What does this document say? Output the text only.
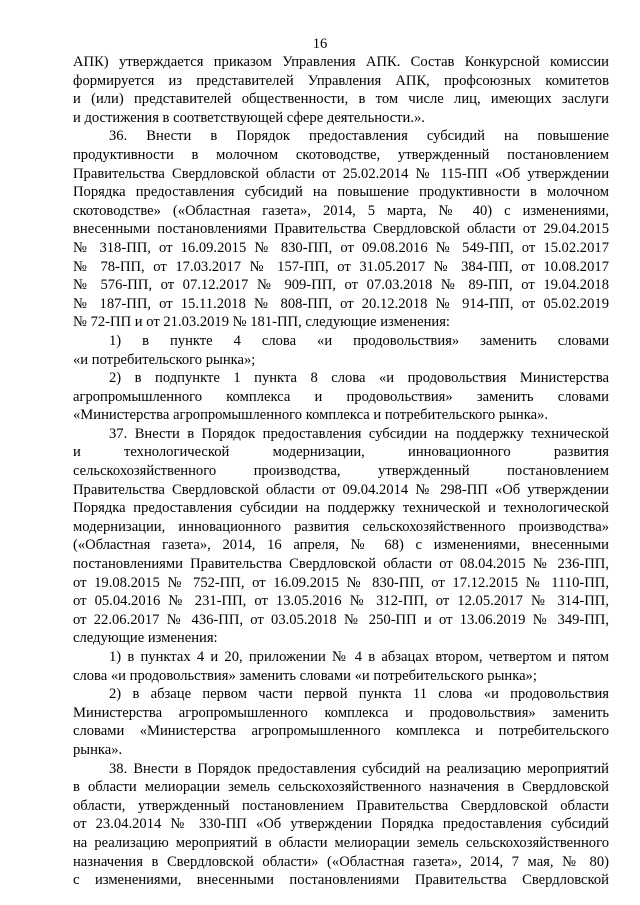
16
АПК) утверждается приказом Управления АПК. Состав Конкурсной комиссии
формируется из представителей Управления АПК, профсоюзных комитетов
и (или) представителей общественности, в том числе лиц, имеющих заслуги
и достижения в соответствующей сфере деятельности.».
36. Внести в Порядок предоставления субсидий на повышение
продуктивности в молочном скотоводстве, утвержденный постановлением
Правительства Свердловской области от 25.02.2014 № 115-ПП «Об утверждении
Порядка предоставления субсидий на повышение продуктивности в молочном
скотоводстве» («Областная газета», 2014, 5 марта, № 40) с изменениями,
внесенными постановлениями Правительства Свердловской области от 29.04.2015
№ 318-ПП, от 16.09.2015 № 830-ПП, от 09.08.2016 № 549-ПП, от 15.02.2017
№ 78-ПП, от 17.03.2017 № 157-ПП, от 31.05.2017 № 384-ПП, от 10.08.2017
№ 576-ПП, от 07.12.2017 № 909-ПП, от 07.03.2018 № 89-ПП, от 19.04.2018
№ 187-ПП, от 15.11.2018 № 808-ПП, от 20.12.2018 № 914-ПП, от 05.02.2019
№ 72-ПП и от 21.03.2019 № 181-ПП, следующие изменения:
1) в пункте 4 слова «и продовольствия» заменить словами
«и потребительского рынка»;
2) в подпункте 1 пункта 8 слова «и продовольствия Министерства
агропромышленного комплекса и продовольствия» заменить словами
«Министерства агропромышленного комплекса и потребительского рынка».
37. Внести в Порядок предоставления субсидии на поддержку технической
и технологической модернизации, инновационного развития
сельскохозяйственного производства, утвержденный постановлением
Правительства Свердловской области от 09.04.2014 № 298-ПП «Об утверждении
Порядка предоставления субсидии на поддержку технической и технологической
модернизации, инновационного развития сельскохозяйственного производства»
(«Областная газета», 2014, 16 апреля, № 68) с изменениями, внесенными
постановлениями Правительства Свердловской области от 08.04.2015 № 236-ПП,
от 19.08.2015 № 752-ПП, от 16.09.2015 № 830-ПП, от 17.12.2015 № 1110-ПП,
от 05.04.2016 № 231-ПП, от 13.05.2016 № 312-ПП, от 12.05.2017 № 314-ПП,
от 22.06.2017 № 436-ПП, от 03.05.2018 № 250-ПП и от 13.06.2019 № 349-ПП,
следующие изменения:
1) в пунктах 4 и 20, приложении № 4 в абзацах втором, четвертом и пятом
слова «и продовольствия» заменить словами «и потребительского рынка»;
2) в абзаце первом части первой пункта 11 слова «и продовольствия
Министерства агропромышленного комплекса и продовольствия» заменить
словами «Министерства агропромышленного комплекса и потребительского
рынка».
38. Внести в Порядок предоставления субсидий на реализацию мероприятий
в области мелиорации земель сельскохозяйственного назначения в Свердловской
области, утвержденный постановлением Правительства Свердловской области
от 23.04.2014 № 330-ПП «Об утверждении Порядка предоставления субсидий
на реализацию мероприятий в области мелиорации земель сельскохозяйственного
назначения в Свердловской области» («Областная газета», 2014, 7 мая, № 80)
с изменениями, внесенными постановлениями Правительства Свердловской
